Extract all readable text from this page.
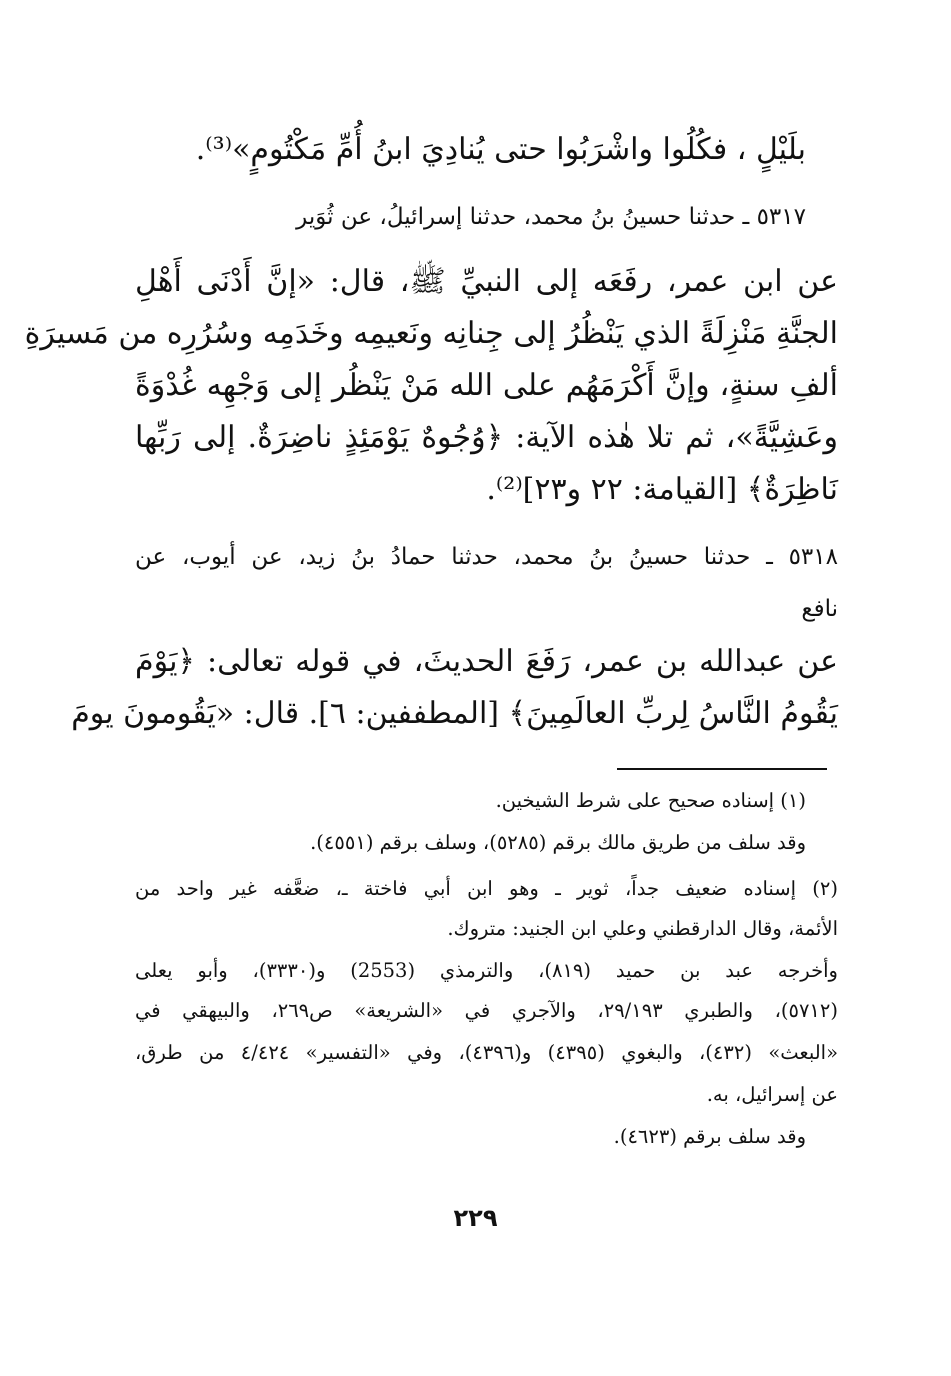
بلَيْلٍ ، فكُلُوا واشْرَبُوا حتى يُنادِيَ ابنُ أُمِّ مَكْتُومٍ»⁽³⁾.
٥٣١٧ ـ حدثنا حسينُ بنُ محمد، حدثنا إسرائيلُ، عن ثُوَير
عن ابن عمر، رفَعَه إلى النبيِّ ﷺ، قال: «إنَّ أَدْنَى أَهْلِ
الجنَّةِ مَنْزِلَةً الذي يَنْظُرُ إلى جِنانِه ونَعيمِه وخَدَمِه وسُرُرِه من مَسيرَةِ
ألفِ سنةٍ، وإنَّ أَكْرَمَهُم على الله مَنْ يَنْظُر إلى وَجْهِه غُدْوَةً
وعَشِيَّةً»، ثم تلا هٰذه الآية: ﴿وُجُوهٌ يَوْمَئِذٍ ناضِرَةٌ. إلى رَبِّها
نَاظِرَةٌ﴾ [القيامة: ٢٢ و٢٣]⁽²⁾.
٥٣١٨ ـ حدثنا حسينُ بنُ محمد، حدثنا حمادُ بنُ زيد، عن أيوب، عن
نافع
عن عبدالله بن عمر، رَفَعَ الحديثَ، في قوله تعالى: ﴿يَوْمَ
يَقُومُ النَّاسُ لِربِّ العالَمِينَ﴾ [المطففين: ٦]. قال: «يَقُومونَ يومَ
(١) إسناده صحيح على شرط الشيخين.
وقد سلف من طريق مالك برقم (٥٢٨٥)، وسلف برقم (٤٥٥١).
(٢) إسناده ضعيف جداً، ثوير ـ وهو ابن أبي فاختة ـ، ضعَّفه غير واحد من
الأئمة، وقال الدارقطني وعلي ابن الجنيد: متروك.
وأخرجه عبد بن حميد (٨١٩)، والترمذي (2553) و(٣٣٣٠)، وأبو يعلى
(٥٧١٢)، والطبري ٢٩/١٩٣، والآجري في «الشريعة» ص٢٦٩، والبيهقي في
«البعث» (٤٣٢)، والبغوي (٤٣٩٥) و(٤٣٩٦)، وفي «التفسير» ٤/٤٢٤ من طرق،
عن إسرائيل، به.
وقد سلف برقم (٤٦٢٣).
٢٢٩
